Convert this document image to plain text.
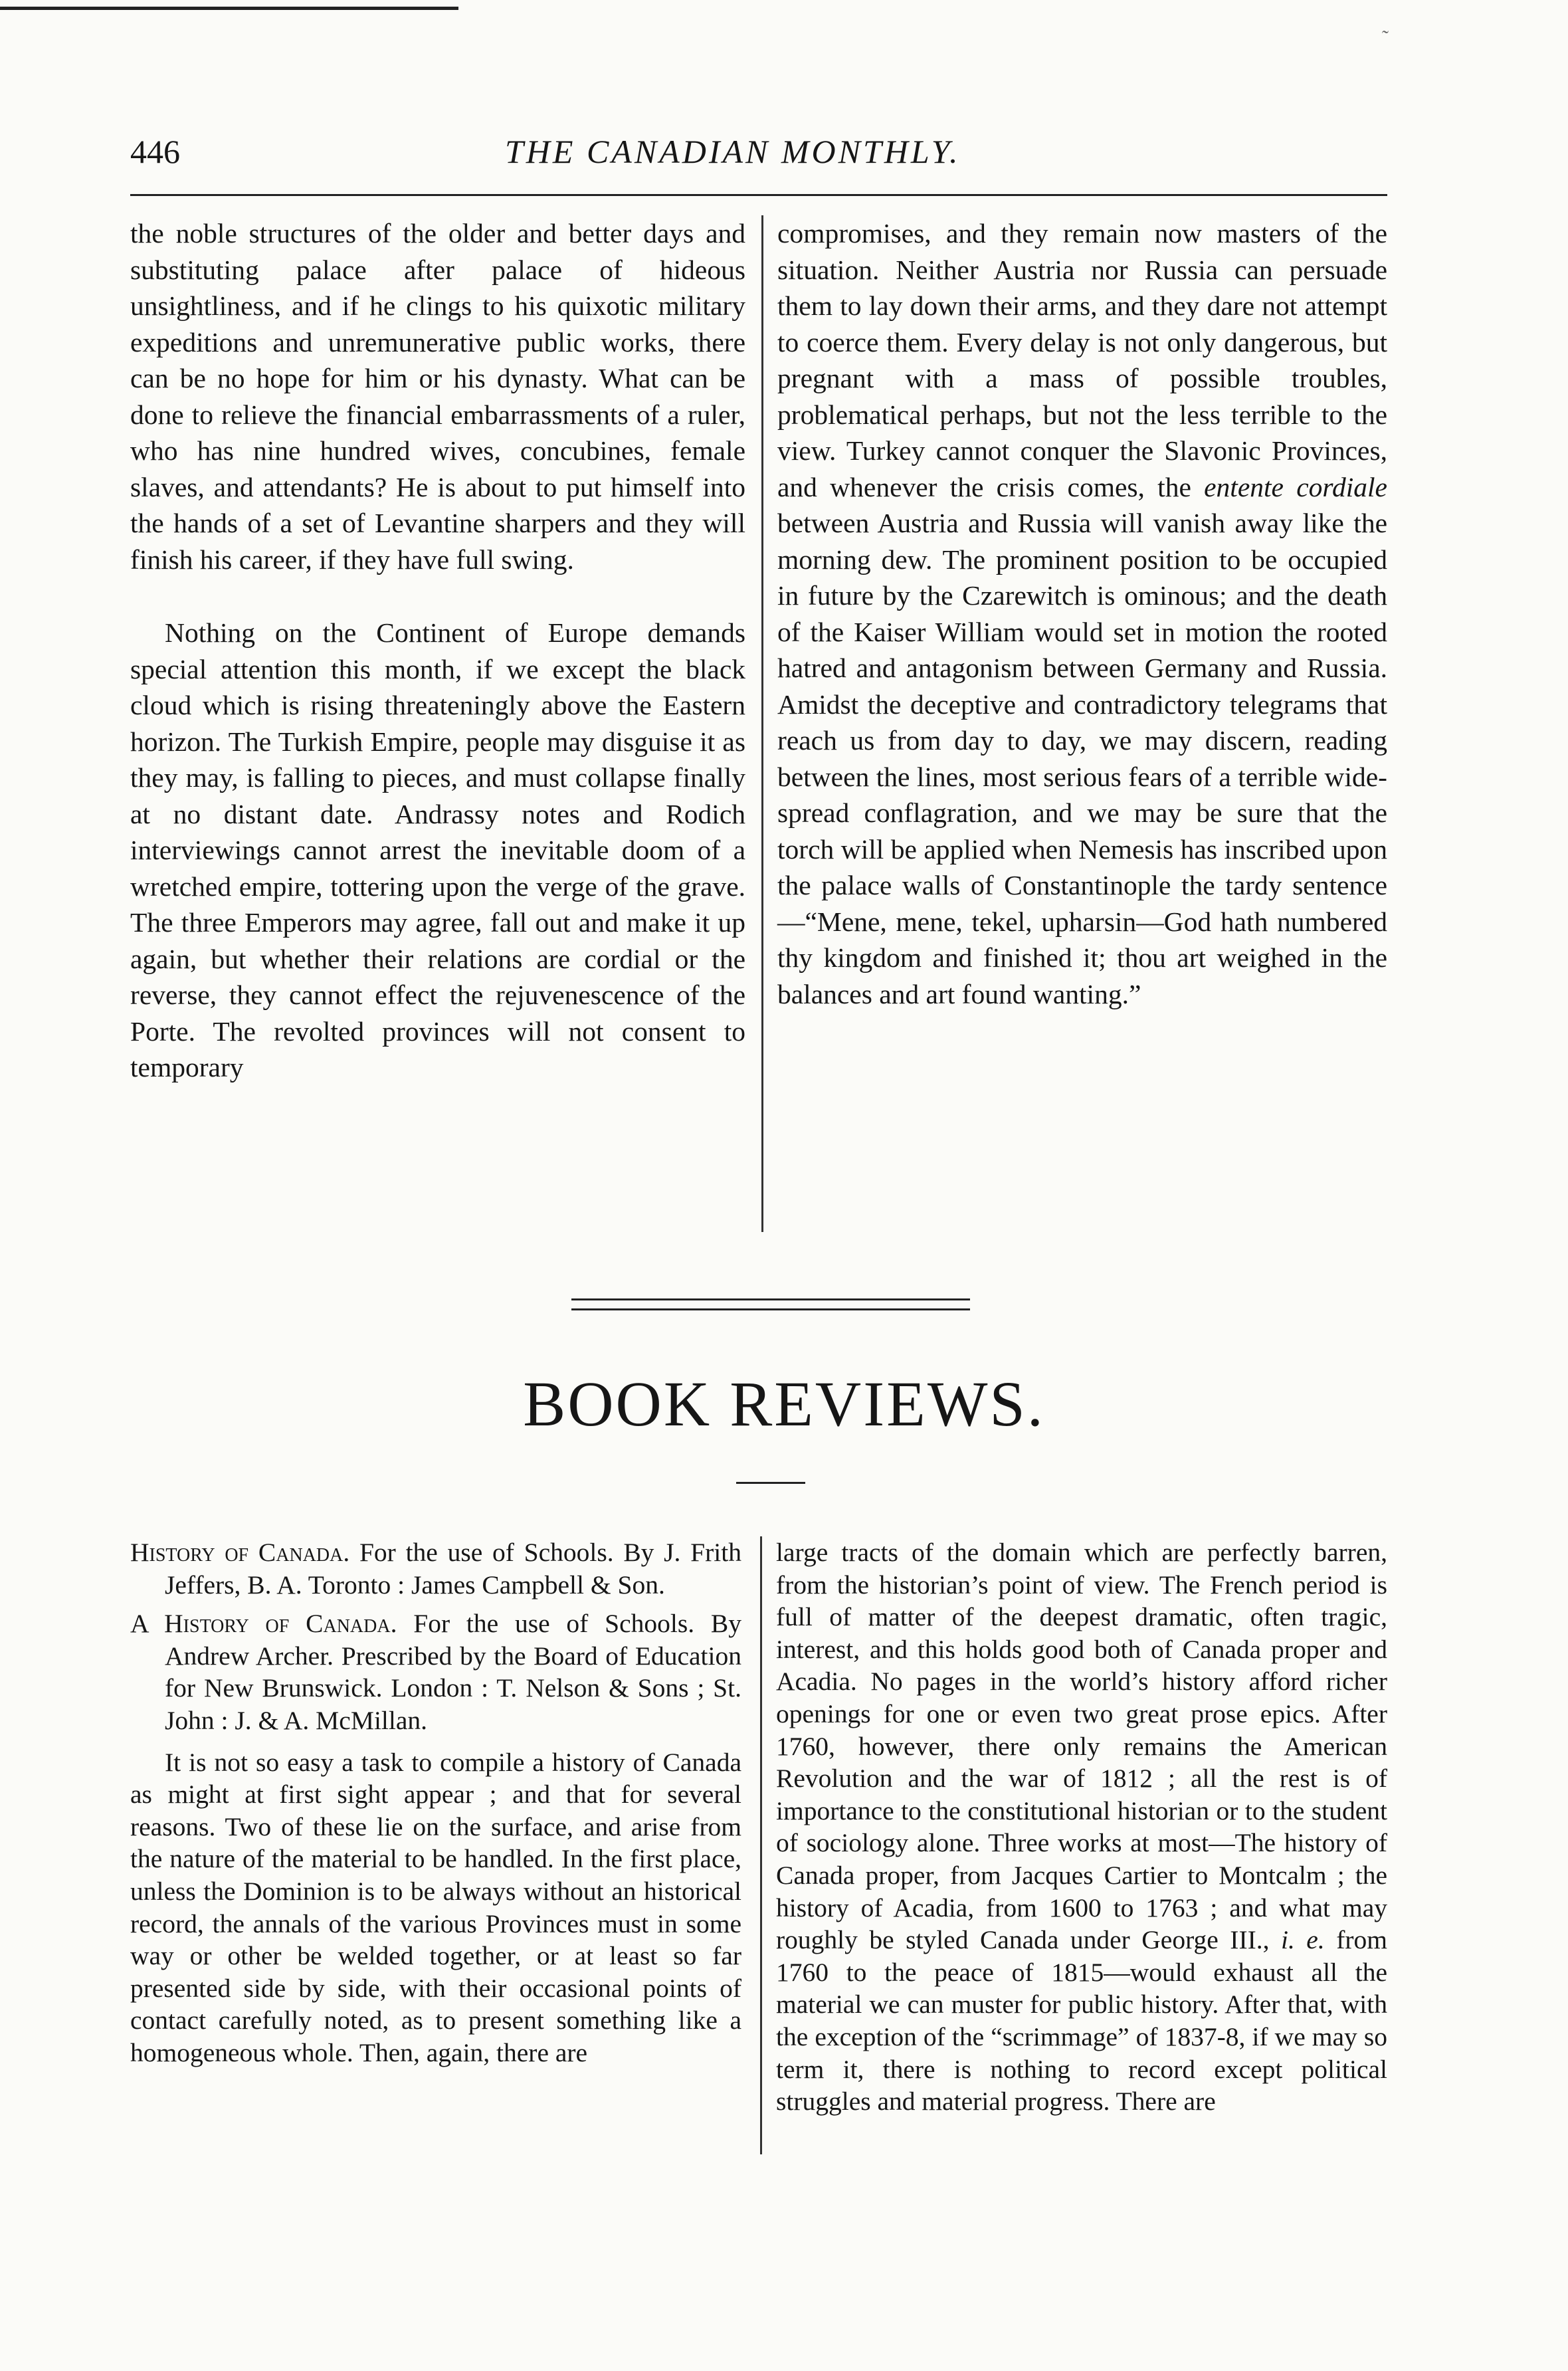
446	THE CANADIAN MONTHLY.

the noble structures of the older and better days and substituting palace after palace of hideous unsightliness, and if he clings to his quixotic military expeditions and unremunerative public works, there can be no hope for him or his dynasty. What can be done to relieve the financial embarrassments of a ruler, who has nine hundred wives, concubines, female slaves, and attendants? He is about to put himself into the hands of a set of Levantine sharpers and they will finish his career, if they have full swing.

Nothing on the Continent of Europe demands special attention this month, if we except the black cloud which is rising threateningly above the Eastern horizon. The Turkish Empire, people may disguise it as they may, is falling to pieces, and must collapse finally at no distant date. Andrassy notes and Rodich interviewings cannot arrest the inevitable doom of a wretched empire, tottering upon the verge of the grave. The three Emperors may agree, fall out and make it up again, but whether their relations are cordial or the reverse, they cannot effect the rejuvenescence of the Porte. The revolted provinces will not consent to temporary

compromises, and they remain now masters of the situation. Neither Austria nor Russia can persuade them to lay down their arms, and they dare not attempt to coerce them. Every delay is not only dangerous, but pregnant with a mass of possible troubles, problematical perhaps, but not the less terrible to the view. Turkey cannot conquer the Slavonic Provinces, and whenever the crisis comes, the entente cordiale between Austria and Russia will vanish away like the morning dew. The prominent position to be occupied in future by the Czarewitch is ominous; and the death of the Kaiser William would set in motion the rooted hatred and antagonism between Germany and Russia. Amidst the deceptive and contradictory telegrams that reach us from day to day, we may discern, reading between the lines, most serious fears of a terrible wide-spread conflagration, and we may be sure that the torch will be applied when Nemesis has inscribed upon the palace walls of Constantinople the tardy sentence—“Mene, mene, tekel, upharsin—God hath numbered thy kingdom and finished it; thou art weighed in the balances and art found wanting.”

BOOK REVIEWS.

History of Canada. For the use of Schools. By J. Frith Jeffers, B. A. Toronto : James Campbell & Son.

A History of Canada. For the use of Schools. By Andrew Archer. Prescribed by the Board of Education for New Brunswick. London : T. Nelson & Sons ; St. John : J. & A. McMillan.

It is not so easy a task to compile a history of Canada as might at first sight appear ; and that for several reasons. Two of these lie on the surface, and arise from the nature of the material to be handled. In the first place, unless the Dominion is to be always without an historical record, the annals of the various Provinces must in some way or other be welded together, or at least so far presented side by side, with their occasional points of contact carefully noted, as to present something like a homogeneous whole. Then, again, there are

large tracts of the domain which are perfectly barren, from the historian’s point of view. The French period is full of matter of the deepest dramatic, often tragic, interest, and this holds good both of Canada proper and Acadia. No pages in the world’s history afford richer openings for one or even two great prose epics. After 1760, however, there only remains the American Revolution and the war of 1812 ; all the rest is of importance to the constitutional historian or to the student of sociology alone. Three works at most—The history of Canada proper, from Jacques Cartier to Montcalm ; the history of Acadia, from 1600 to 1763 ; and what may roughly be styled Canada under George III., i. e. from 1760 to the peace of 1815—would exhaust all the material we can muster for public history. After that, with the exception of the “scrimmage” of 1837-8, if we may so term it, there is nothing to record except political struggles and material progress. There are

˜
